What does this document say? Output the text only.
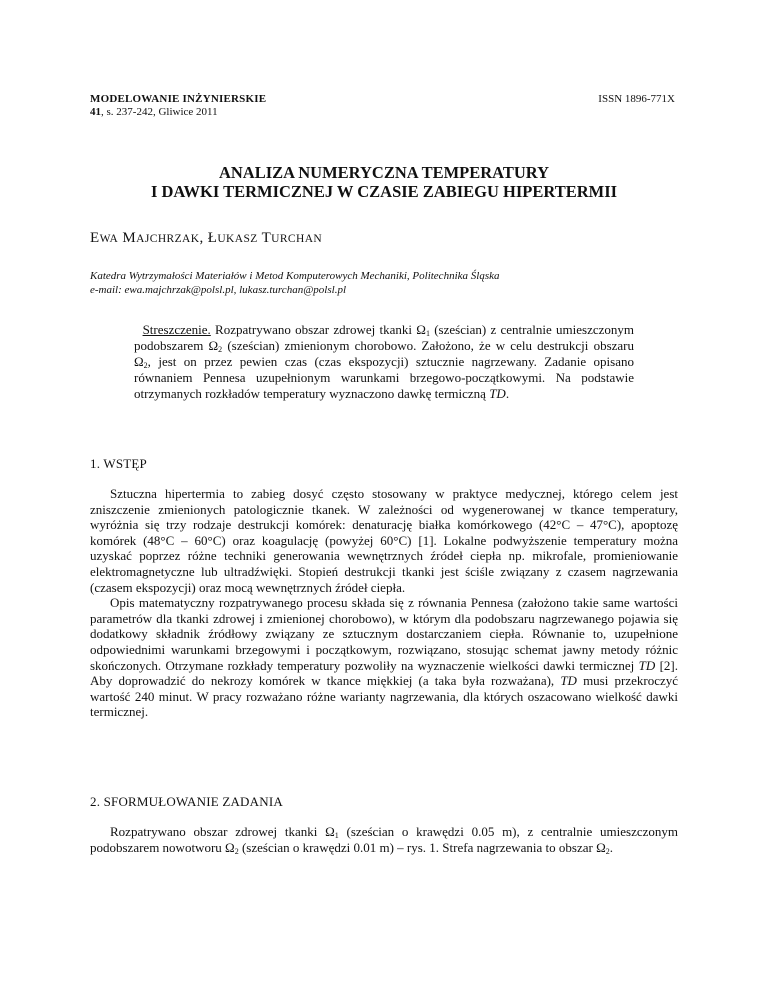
MODELOWANIE INŻYNIERSKIE
41, s. 237-242, Gliwice 2011
ISSN 1896-771X
ANALIZA NUMERYCZNA TEMPERATURY
I DAWKI TERMICZNEJ W CZASIE ZABIEGU HIPERTERMII
EWA MAJCHRZAK, ŁUKASZ TURCHAN
Katedra Wytrzymałości Materiałów i Metod Komputerowych Mechaniki, Politechnika Śląska
e-mail: ewa.majchrzak@polsl.pl, lukasz.turchan@polsl.pl
Streszczenie. Rozpatrywano obszar zdrowej tkanki $\Omega_1$ (sześcian) z centralnie umieszczonym podobszarem $\Omega_2$ (sześcian) zmienionym chorobowo. Założono, że w celu destrukcji obszaru $\Omega_2$, jest on przez pewien czas (czas ekspozycji) sztucznie nagrzewany. Zadanie opisano równaniem Pennesa uzupełnionym warunkami brzegowo-początkowymi. Na podstawie otrzymanych rozkładów temperatury wyznaczono dawkę termiczną TD.
1. WSTĘP

Sztuczna hipertermia to zabieg dosyć często stosowany w praktyce medycznej, którego celem jest zniszczenie zmienionych patologicznie tkanek. W zależności od wygenerowanej w tkance temperatury, wyróżnia się trzy rodzaje destrukcji komórek: denaturację białka komórkowego (42°C – 47°C), apoptozę komórek (48°C – 60°C) oraz koagulację (powyżej 60°C) [1]. Lokalne podwyższenie temperatury można uzyskać poprzez różne techniki generowania wewnętrznych źródeł ciepła np. mikrofale, promieniowanie elektromagnetyczne lub ultradźwięki. Stopień destrukcji tkanki jest ściśle związany z czasem nagrzewania (czasem ekspozycji) oraz mocą wewnętrznych źródeł ciepła.

Opis matematyczny rozpatrywanego procesu składa się z równania Pennesa (założono takie same wartości parametrów dla tkanki zdrowej i zmienionej chorobowo), w którym dla podobszaru nagrzewanego pojawia się dodatkowy składnik źródłowy związany ze sztucznym dostarczaniem ciepła. Równanie to, uzupełnione odpowiednimi warunkami brzegowymi i początkowym, rozwiązano, stosując schemat jawny metody różnic skończonych. Otrzymane rozkłady temperatury pozwoliły na wyznaczenie wielkości dawki termicznej TD [2]. Aby doprowadzić do nekrozy komórek w tkance miękkiej (a taka była rozważana), TD musi przekroczyć wartość 240 minut. W pracy rozważano różne warianty nagrzewania, dla których oszacowano wielkość dawki termicznej.

2. SFORMUŁOWANIE ZADANIA

Rozpatrywano obszar zdrowej tkanki $\Omega_1$ (sześcian o krawędzi 0.05 m), z centralnie umieszczonym podobszarem nowotworu $\Omega_2$ (sześcian o krawędzi 0.01 m) – rys. 1. Strefa nagrzewania to obszar $\Omega_2$.
